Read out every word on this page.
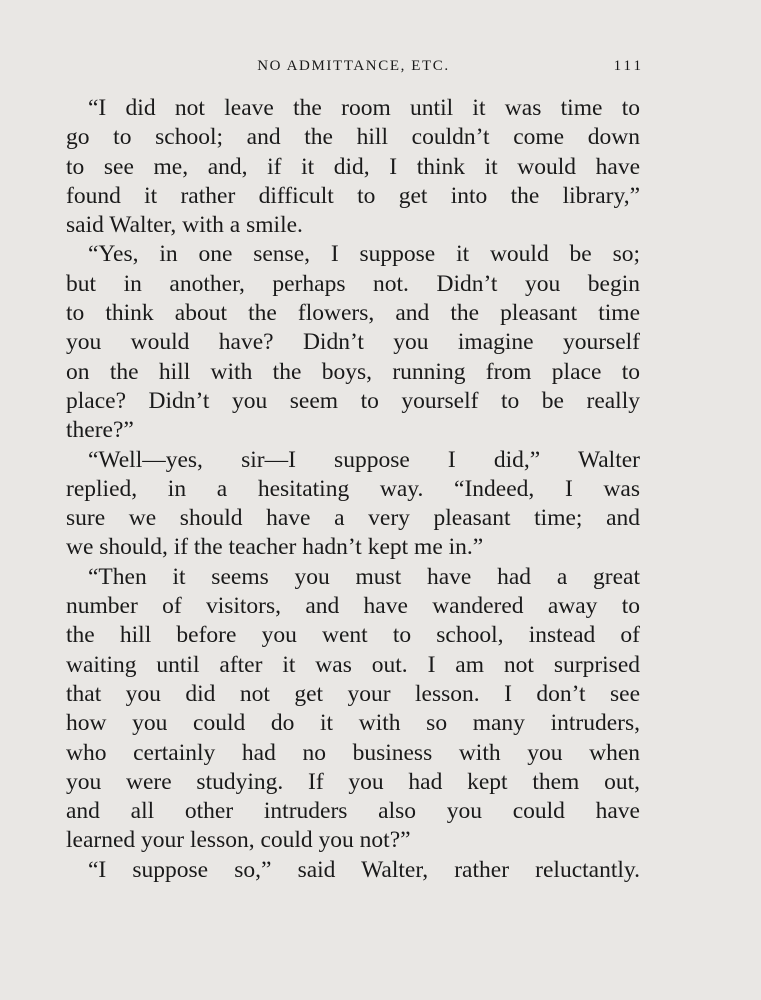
NO ADMITTANCE, ETC.	111
“I did not leave the room until it was time to
go to school; and the hill couldn’t come down
to see me, and, if it did, I think it would have
found it rather difficult to get into the library,”
said Walter, with a smile.
“Yes, in one sense, I suppose it would be so;
but in another, perhaps not. Didn’t you begin
to think about the flowers, and the pleasant time
you would have? Didn’t you imagine yourself
on the hill with the boys, running from place to
place? Didn’t you seem to yourself to be really
there?”
“Well—yes, sir—I suppose I did,” Walter
replied, in a hesitating way. “Indeed, I was
sure we should have a very pleasant time; and
we should, if the teacher hadn’t kept me in.”
“Then it seems you must have had a great
number of visitors, and have wandered away to
the hill before you went to school, instead of
waiting until after it was out. I am not surprised
that you did not get your lesson. I don’t see
how you could do it with so many intruders,
who certainly had no business with you when
you were studying. If you had kept them out,
and all other intruders also you could have
learned your lesson, could you not?”
“I suppose so,” said Walter, rather reluctantly.
